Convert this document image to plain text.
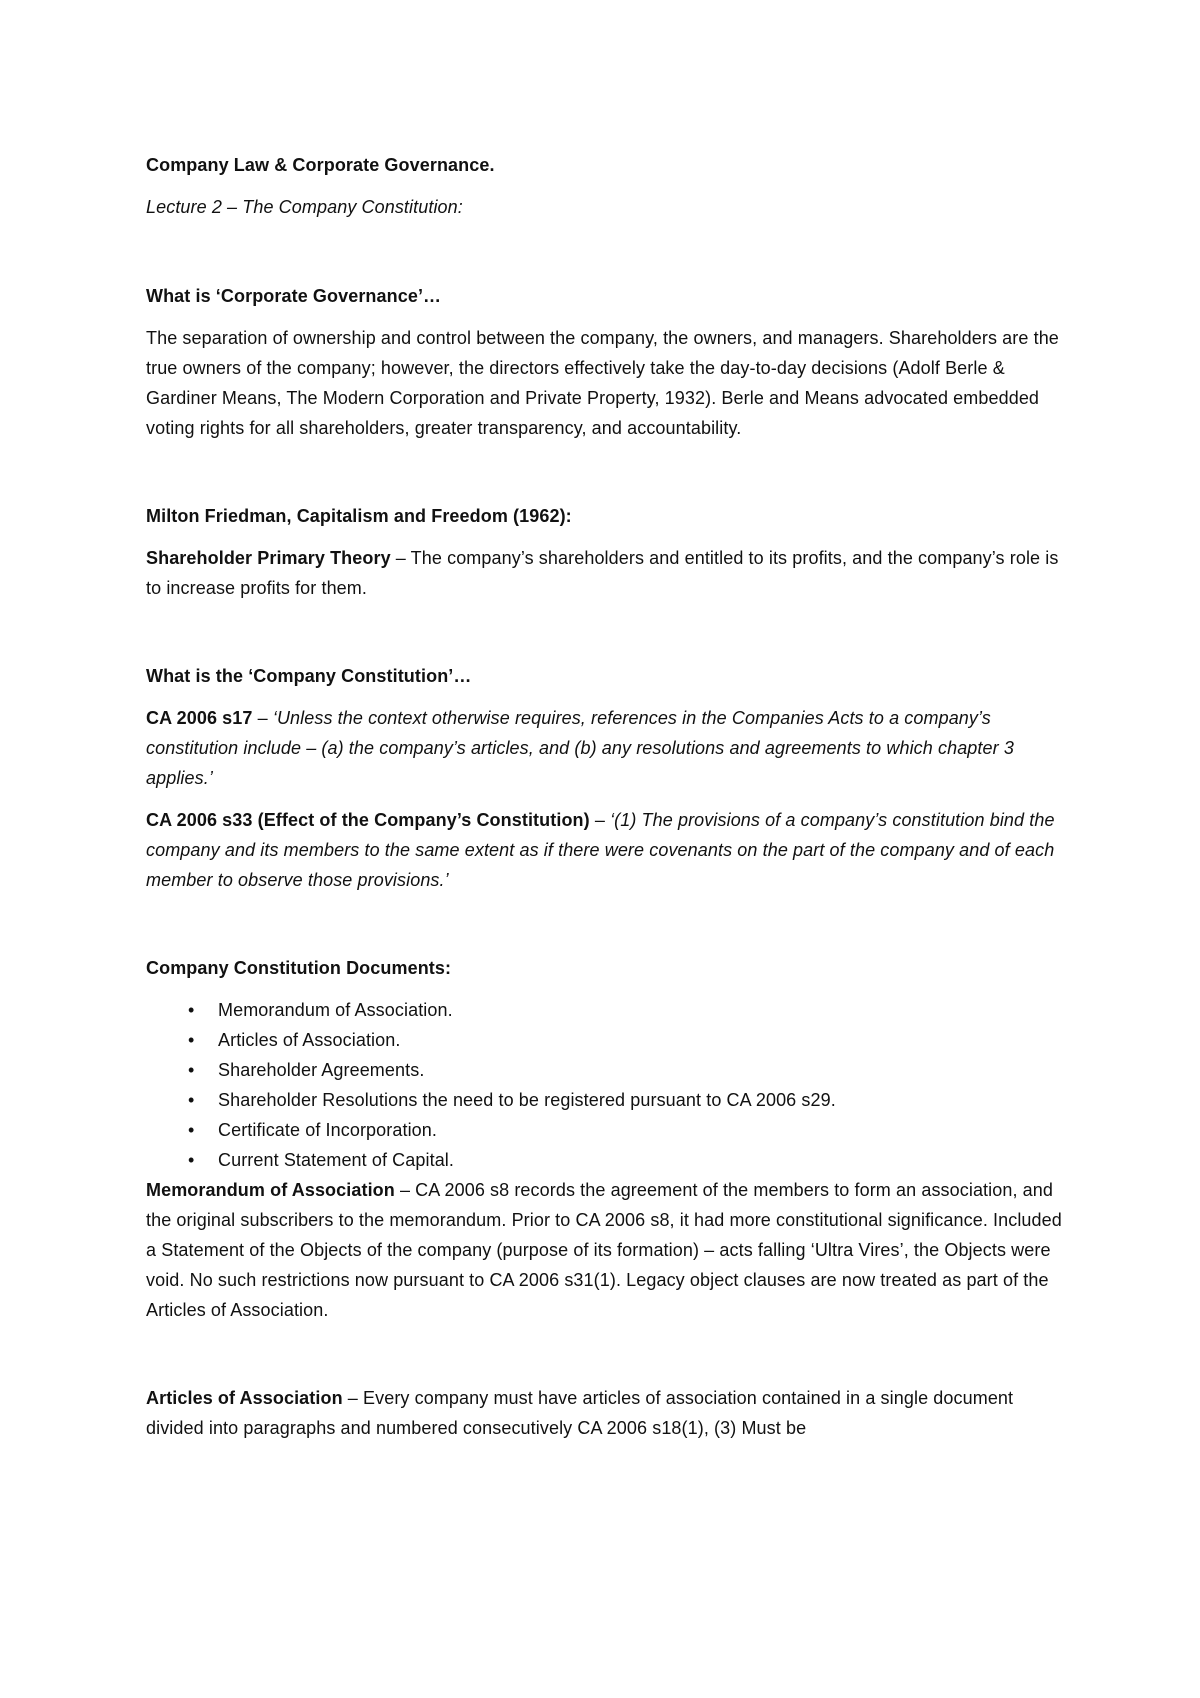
Company Law & Corporate Governance.

Lecture 2 – The Company Constitution:

What is ‘Corporate Governance’…

The separation of ownership and control between the company, the owners, and managers. Shareholders are the true owners of the company; however, the directors effectively take the day-to-day decisions (Adolf Berle & Gardiner Means, The Modern Corporation and Private Property, 1932). Berle and Means advocated embedded voting rights for all shareholders, greater transparency, and accountability.

Milton Friedman, Capitalism and Freedom (1962):

Shareholder Primary Theory – The company’s shareholders and entitled to its profits, and the company’s role is to increase profits for them.

What is the ‘Company Constitution’…

CA 2006 s17 – ‘Unless the context otherwise requires, references in the Companies Acts to a company’s constitution include – (a) the company’s articles, and (b) any resolutions and agreements to which chapter 3 applies.’

CA 2006 s33 (Effect of the Company’s Constitution) – ‘(1) The provisions of a company’s constitution bind the company and its members to the same extent as if there were covenants on the part of the company and of each member to observe those provisions.’

Company Constitution Documents:

• Memorandum of Association.
• Articles of Association.
• Shareholder Agreements.
• Shareholder Resolutions the need to be registered pursuant to CA 2006 s29.
• Certificate of Incorporation.
• Current Statement of Capital.

Memorandum of Association – CA 2006 s8 records the agreement of the members to form an association, and the original subscribers to the memorandum. Prior to CA 2006 s8, it had more constitutional significance. Included a Statement of the Objects of the company (purpose of its formation) – acts falling ‘Ultra Vires’, the Objects were void. No such restrictions now pursuant to CA 2006 s31(1). Legacy object clauses are now treated as part of the Articles of Association.

Articles of Association – Every company must have articles of association contained in a single document divided into paragraphs and numbered consecutively CA 2006 s18(1), (3) Must be
